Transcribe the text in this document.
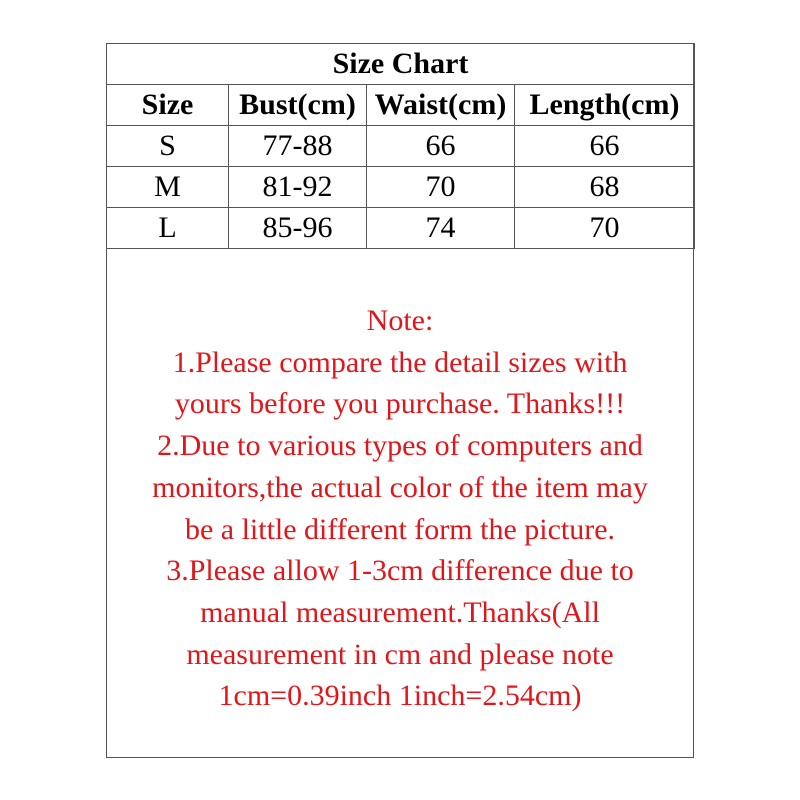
Size Chart			
Size	Bust(cm)	Waist(cm)	Length(cm)
S	77-88	66	66
M	81-92	70	68
L	85-96	74	70
Note:
1.Please compare the detail sizes with
yours before you purchase. Thanks!!!
2.Due to various types of computers and
monitors,the actual color of the item may
be a little different form the picture.
3.Please allow 1-3cm difference due to
manual measurement.Thanks(All
measurement in cm and please note
1cm=0.39inch 1inch=2.54cm)
